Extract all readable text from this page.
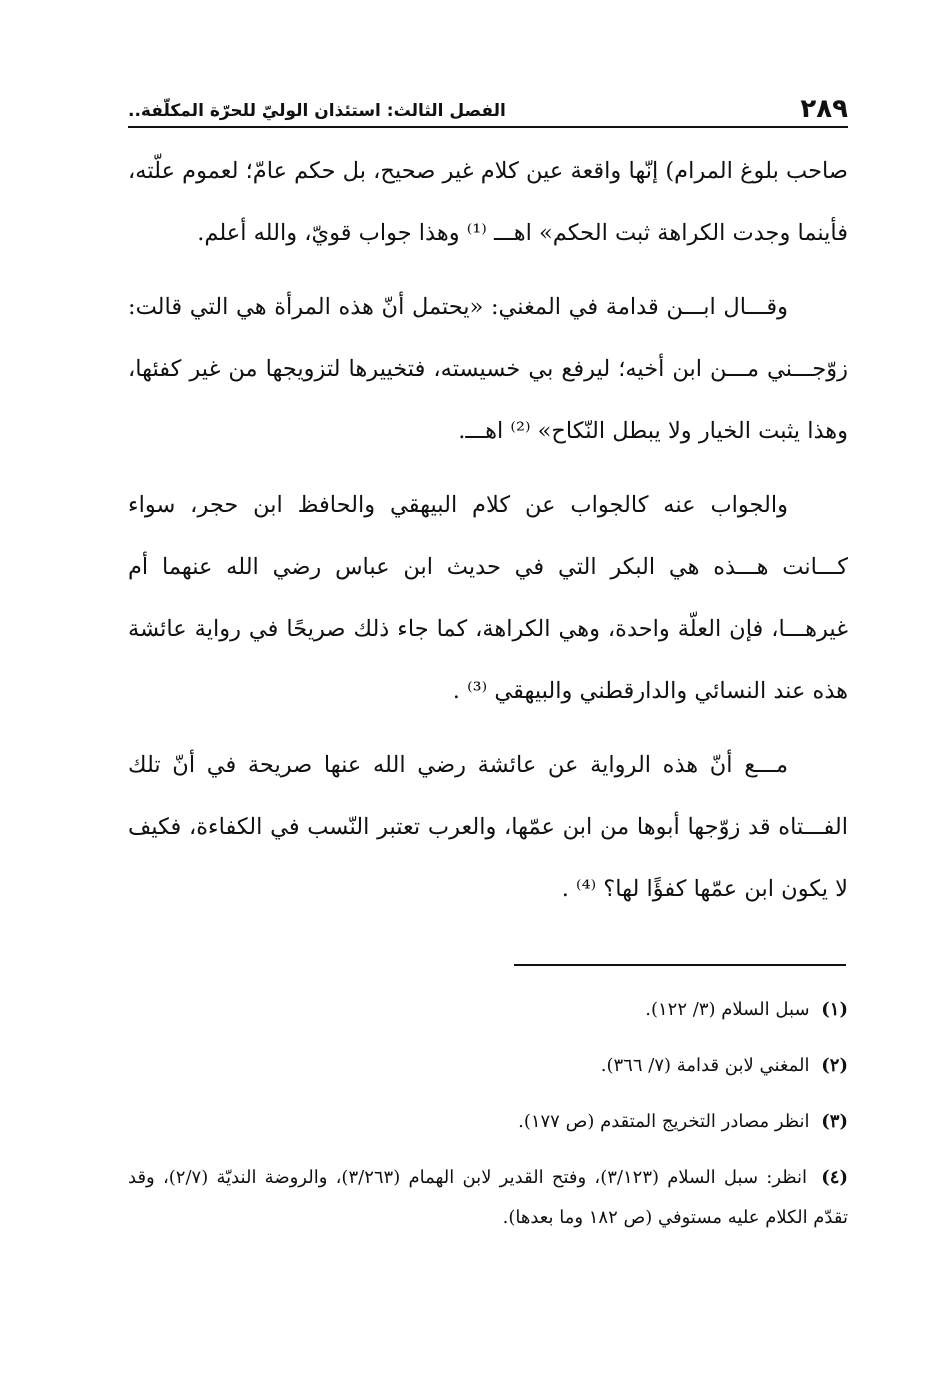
٢٨٩
الفصل الثالث: استئذان الوليّ للحرّة المكلّفة..

صاحب بلوغ المرام) إنّها واقعة عين كلام غير صحيح، بل حكم عامّ؛ لعموم علّته، فأينما وجدت الكراهة ثبت الحكم» اهـــ ⁽¹⁾ وهذا جواب قويّ، والله أعلم.

وقـــال ابـــن قدامة في المغني: «يحتمل أنّ هذه المرأة هي التي قالت: زوّجـــني مـــن ابن أخيه؛ ليرفع بي خسيسته، فتخييرها لتزويجها من غير كفئها، وهذا يثبت الخيار ولا يبطل النّكاح» ⁽²⁾ اهـــ.

والجواب عنه كالجواب عن كلام البيهقي والحافظ ابن حجر، سواء كـــانت هـــذه هي البكر التي في حديث ابن عباس رضي الله عنهما أم غيرهـــا، فإن العلّة واحدة، وهي الكراهة، كما جاء ذلك صريحًا في رواية عائشة هذه عند النسائي والدارقطني والبيهقي ⁽³⁾ .

مـــع أنّ هذه الرواية عن عائشة رضي الله عنها صريحة في أنّ تلك الفـــتاه قد زوّجها أبوها من ابن عمّها، والعرب تعتبر النّسب في الكفاءة، فكيف لا يكون ابن عمّها كفؤًا لها؟ ⁽⁴⁾ .

(١) سبل السلام (٣/ ١٢٢).

(٢) المغني لابن قدامة (٧/ ٣٦٦).

(٣) انظر مصادر التخريج المتقدم (ص ١٧٧).

(٤) انظر: سبل السلام (٣/١٢٣)، وفتح القدير لابن الهمام (٣/٢٦٣)، والروضة النديّة (٢/٧)، وقد تقدّم الكلام عليه مستوفي (ص ١٨٢ وما بعدها).
